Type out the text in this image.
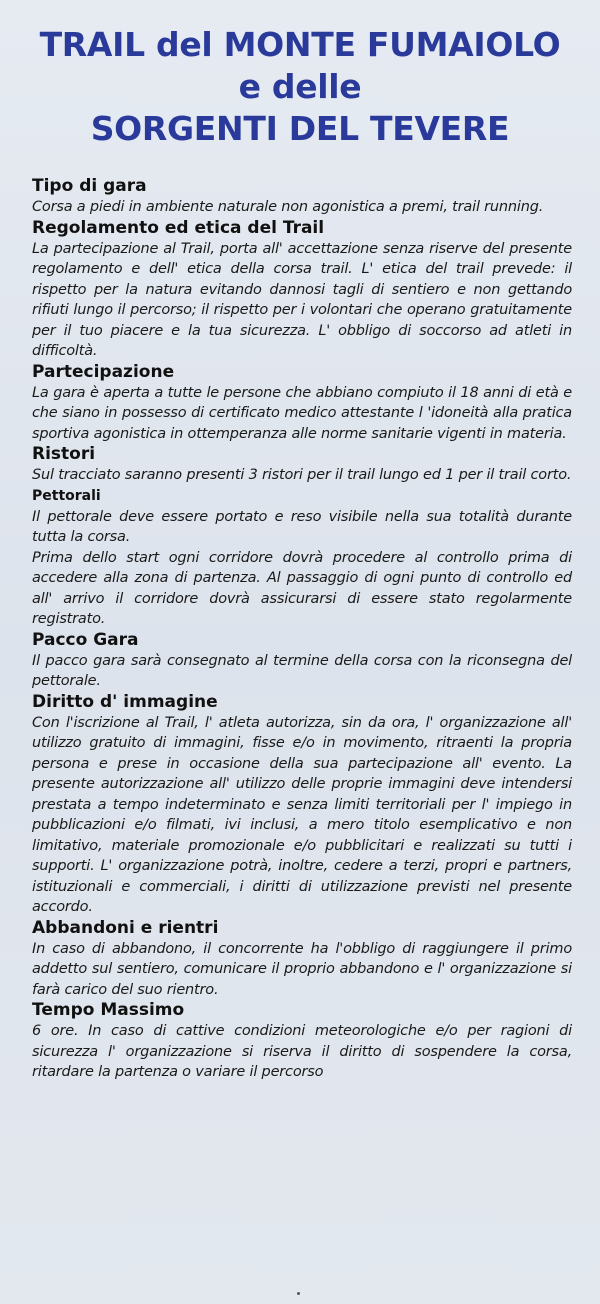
TRAIL del MONTE FUMAIOLO
e delle
SORGENTI DEL TEVERE
Tipo di gara
Corsa a piedi in ambiente naturale non agonistica a premi, trail running.
Regolamento ed etica del Trail
La partecipazione al Trail, porta all' accettazione senza riserve del presente regolamento e dell' etica della corsa trail. L' etica del trail prevede: il rispetto per la natura evitando dannosi tagli di sentiero e non gettando rifiuti lungo il percorso; il rispetto per i volontari che operano gratuitamente per il tuo piacere e la tua sicurezza. L' obbligo di soccorso ad atleti in difficoltà.
Partecipazione
La gara è aperta a tutte le persone che abbiano compiuto il 18 anni di età e che siano in possesso di certificato medico attestante l 'idoneità alla pratica sportiva agonistica in ottemperanza alle norme sanitarie vigenti in materia.
Ristori
Sul tracciato saranno presenti 3 ristori per il trail lungo ed 1 per il trail corto.
Pettorali
Il pettorale deve essere portato e reso visibile nella sua totalità durante tutta la corsa.
Prima dello start ogni corridore dovrà procedere al controllo prima di accedere alla zona di partenza. Al passaggio di ogni punto di controllo ed all' arrivo il corridore dovrà assicurarsi di essere stato regolarmente registrato.
Pacco Gara
Il pacco gara sarà consegnato al termine della corsa con la riconsegna del pettorale.
Diritto d' immagine
Con l'iscrizione al Trail, l' atleta autorizza, sin da ora, l' organizzazione all' utilizzo gratuito di immagini, fisse e/o in movimento, ritraenti la propria persona e prese in occasione della sua partecipazione all' evento. La presente autorizzazione all' utilizzo delle proprie immagini deve intendersi prestata a tempo indeterminato e senza limiti territoriali per l' impiego in pubblicazioni e/o filmati, ivi inclusi, a mero titolo esemplicativo e non limitativo, materiale promozionale e/o pubblicitari e realizzati su tutti i supporti. L' organizzazione potrà, inoltre, cedere a terzi, propri e partners, istituzionali e commerciali, i diritti di utilizzazione previsti nel presente accordo.
Abbandoni e rientri
In caso di abbandono, il concorrente ha l'obbligo di raggiungere il primo addetto sul sentiero, comunicare il proprio abbandono e l' organizzazione si farà carico del suo rientro.
Tempo Massimo
6 ore. In caso di cattive condizioni meteorologiche e/o per ragioni di sicurezza l' organizzazione si riserva il diritto di sospendere la corsa, ritardare la partenza o variare il percorso
